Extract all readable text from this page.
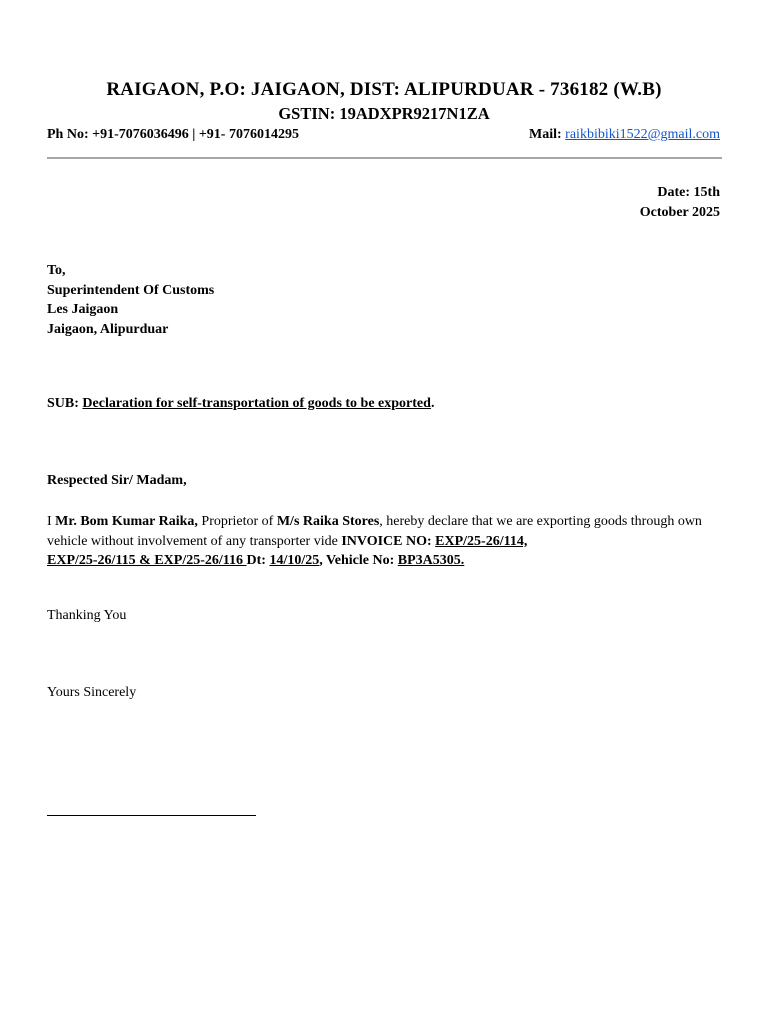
RAIGAON, P.O: JAIGAON, DIST: ALIPURDUAR - 736182 (W.B)
GSTIN: 19ADXPR9217N1ZA
Ph No: +91-7076036496 | +91- 7076014295	Mail: raikbibiki1522@gmail.com
Date: 15th
October 2025
To,
Superintendent Of Customs
Les Jaigaon
Jaigaon, Alipurduar
SUB: Declaration for self-transportation of goods to be exported.
Respected Sir/ Madam,
I Mr. Bom Kumar Raika, Proprietor of M/s Raika Stores, hereby declare that we are exporting goods through own vehicle without involvement of any transporter vide INVOICE NO: EXP/25-26/114,
EXP/25-26/115 & EXP/25-26/116 Dt: 14/10/25, Vehicle No: BP3A5305.
Thanking You
Yours Sincerely
